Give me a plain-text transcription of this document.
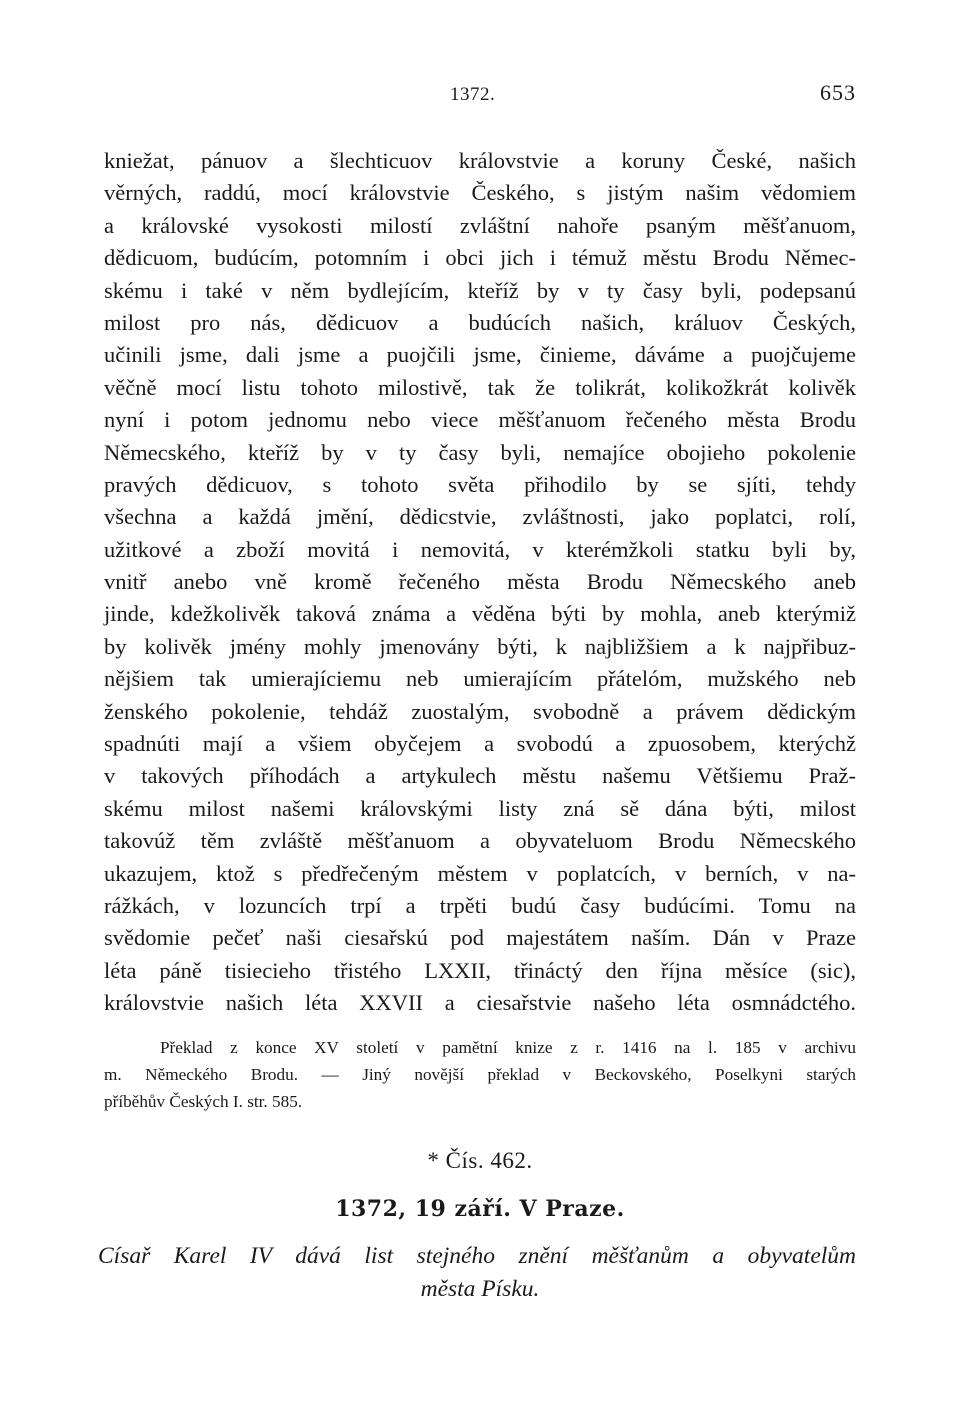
1372.	653
kniežat, pánuov a šlechticuov královstvie a koruny České, našich
věrných, raddú, mocí královstvie Českého, s jistým našim vědomiem
a královské vysokosti milostí zvláštní nahoře psaným měšťanuom,
dědicuom, budúcím, potomním i obci jich i témuž městu Brodu Němec-
skému i také v něm bydlejícím, kteříž by v ty časy byli, podepsanú
milost pro nás, dědicuov a budúcích našich, králuov Českých,
učinili jsme, dali jsme a puojčili jsme, činieme, dáváme a puojčujeme
věčně mocí listu tohoto milostivě, tak že tolikrát, kolikožkrát kolivěk
nyní i potom jednomu nebo viece měšťanuom řečeného města Brodu
Němecského, kteříž by v ty časy byli, nemajíce obojieho pokolenie
pravých dědicuov, s tohoto světa přihodilo by se sjíti, tehdy
všechna a každá jmění, dědicstvie, zvláštnosti, jako poplatci, rolí,
užitkové a zboží movitá i nemovitá, v kterémžkoli statku byli by,
vnitř anebo vně kromě řečeného města Brodu Němecského aneb
jinde, kdežkolivěk taková známa a věděna býti by mohla, aneb kterýmiž
by kolivěk jmény mohly jmenovány býti, k najbližšiem a k najpřibuz-
nějšiem tak umierajíciemu neb umierajícím přátelóm, mužského neb
ženského pokolenie, tehdáž zuostalým, svobodně a právem dědickým
spadnúti mají a všiem obyčejem a svobodú a zpuosobem, kterýchž
v takových příhodách a artykulech městu našemu Většiemu Praž-
skému milost našemi královskými listy zná sě dána býti, milost
takovúž těm zvláště měšťanuom a obyvateluom Brodu Němecského
ukazujem, ktož s předřečeným městem v poplatcích, v berních, v na-
rážkách, v lozuncích trpí a trpěti budú časy budúcími. Tomu na
svědomie pečeť naši ciesařskú pod majestátem naším. Dán v Praze
léta páně tisiecieho třistého LXXII, třináctý den října měsíce (sic),
královstvie našich léta XXVII a ciesařstvie našeho léta osmnádctého.
Překlad z konce XV století v pamětní knize z r. 1416 na l. 185 v archivu
m. Německého Brodu. — Jiný novější překlad v Beckovského, Poselkyni starých
příběhův Českých I. str. 585.
* Čís. 462.
1372, 19 září. V Praze.
Císař Karel IV dává list stejného znění měšťanům a obyvatelům
města Písku.
